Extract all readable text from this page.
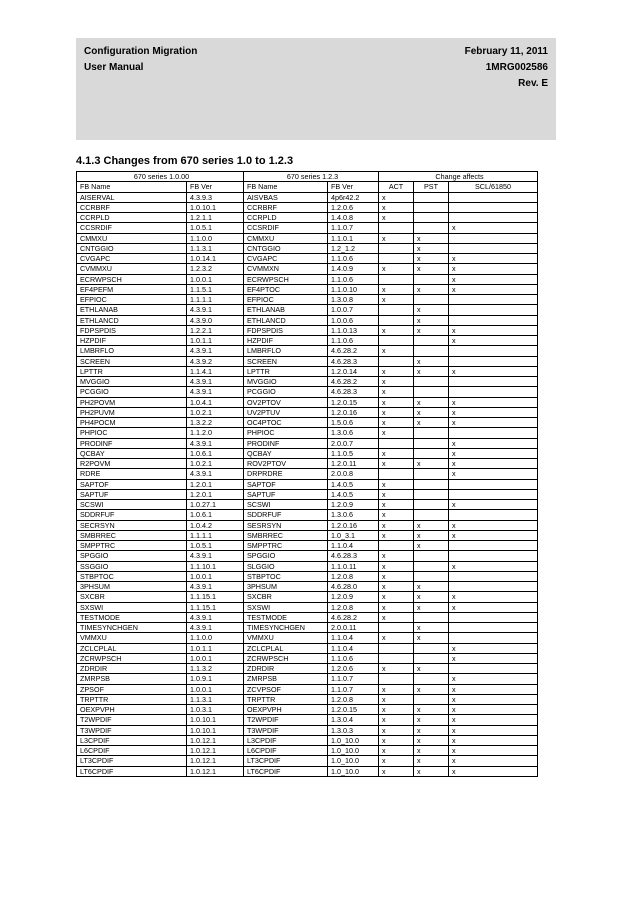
Configuration Migration
User Manual
February 11, 2011
1MRG002586
Rev. E
4.1.3 Changes from 670 series 1.0 to 1.2.3
670 series 1.0.00		670 series 1.2.3		Change affects		
FB Name	FB Ver	FB Name	FB Ver	ACT	PST	SCL/61850
AISERVAL	4.3.9.3	AISVBAS	4p6r42.2	x		
CCRBRF	1.0.10.1	CCRBRF	1.2.0.6	x		
CCRPLD	1.2.1.1	CCRPLD	1.4.0.8	x		
CCSRDIF	1.0.5.1	CCSRDIF	1.1.0.7			x
CMMXU	1.1.0.0	CMMXU	1.1.0.1	x	x	
CNTGGIO	1.1.3.1	CNTGGIO	1.2_1.2		x	
CVGAPC	1.0.14.1	CVGAPC	1.1.0.6		x	x
CVMMXU	1.2.3.2	CVMMXN	1.4.0.9	x	x	x
ECRWPSCH	1.0.0.1	ECRWPSCH	1.1.0.6			x
EF4PEFM	1.1.5.1	EF4PTOC	1.1.0.10	x	x	x
EFPIOC	1.1.1.1	EFPIOC	1.3.0.8	x		
ETHLANAB	4.3.9.1	ETHLANAB	1.0.0.7		x	
ETHLANCD	4.3.9.0	ETHLANCD	1.0.0.6		x	
FDPSPDIS	1.2.2.1	FDPSPDIS	1.1.0.13	x	x	x
HZPDIF	1.0.1.1	HZPDIF	1.1.0.6			x
LMBRFLO	4.3.9.1	LMBRFLO	4.6.28.2	x		
SCREEN	4.3.9.2	SCREEN	4.6.28.3		x	
LPTTR	1.1.4.1	LPTTR	1.2.0.14	x	x	x
MVGGIO	4.3.9.1	MVGGIO	4.6.28.2	x		
PCGGIO	4.3.9.1	PCGGIO	4.6.28.3	x		
PH2POVM	1.0.4.1	OV2PTOV	1.2.0.15	x	x	x
PH2PUVM	1.0.2.1	UV2PTUV	1.2.0.16	x	x	x
PH4POCM	1.3.2.2	OC4PTOC	1.5.0.6	x	x	x
PHPIOC	1.1.2.0	PHPIOC	1.3.0.6	x		
PRODINF	4.3.9.1	PRODINF	2.0.0.7			x
QCBAY	1.0.6.1	QCBAY	1.1.0.5	x		x
R2POVM	1.0.2.1	ROV2PTOV	1.2.0.11	x	x	x
RDRE	4.3.9.1	DRPRDRE	2.0.0.8			x
SAPTOF	1.2.0.1	SAPTOF	1.4.0.5	x		
SAPTUF	1.2.0.1	SAPTUF	1.4.0.5	x		
SCSWI	1.0.27.1	SCSWI	1.2.0.9	x		x
SDDRFUF	1.0.6.1	SDDRFUF	1.3.0.6	x		
SECRSYN	1.0.4.2	SESRSYN	1.2.0.16	x	x	x
SMBRREC	1.1.1.1	SMBRREC	1.0_3.1	x	x	x
SMPPTRC	1.0.5.1	SMPPTRC	1.1.0.4		x	
SPGGIO	4.3.9.1	SPGGIO	4.6.28.3	x		
SSGGIO	1.1.10.1	SLGGIO	1.1.0.11	x		x
STBPTOC	1.0.0.1	STBPTOC	1.2.0.8	x		
3PHSUM	4.3.9.1	3PHSUM	4.6.28.0	x	x	
SXCBR	1.1.15.1	SXCBR	1.2.0.9	x	x	x
SXSWI	1.1.15.1	SXSWI	1.2.0.8	x	x	x
TESTMODE	4.3.9.1	TESTMODE	4.6.28.2	x		
TIMESYNCHGEN	4.3.9.1	TIMESYNCHGEN	2.0.0.11		x	
VMMXU	1.1.0.0	VMMXU	1.1.0.4	x	x	
ZCLCPLAL	1.0.1.1	ZCLCPLAL	1.1.0.4			x
ZCRWPSCH	1.0.0.1	ZCRWPSCH	1.1.0.6			x
ZDRDIR	1.1.3.2	ZDRDIR	1.2.0.6	x	x	
ZMRPSB	1.0.9.1	ZMRPSB	1.1.0.7			x
ZPSOF	1.0.0.1	ZCVPSOF	1.1.0.7	x	x	x
TRPTTR	1.1.3.1	TRPTTR	1.2.0.8	x		x
OEXPVPH	1.0.3.1	OEXPVPH	1.2.0.15	x	x	x
T2WPDIF	1.0.10.1	T2WPDIF	1.3.0.4	x	x	x
T3WPDIF	1.0.10.1	T3WPDIF	1.3.0.3	x	x	x
L3CPDIF	1.0.12.1	L3CPDIF	1.0_10.0	x	x	x
L6CPDIF	1.0.12.1	L6CPDIF	1.0_10.0	x	x	x
LT3CPDIF	1.0.12.1	LT3CPDIF	1.0_10.0	x	x	x
LT6CPDIF	1.0.12.1	LT6CPDIF	1.0_10.0	x	x	x
